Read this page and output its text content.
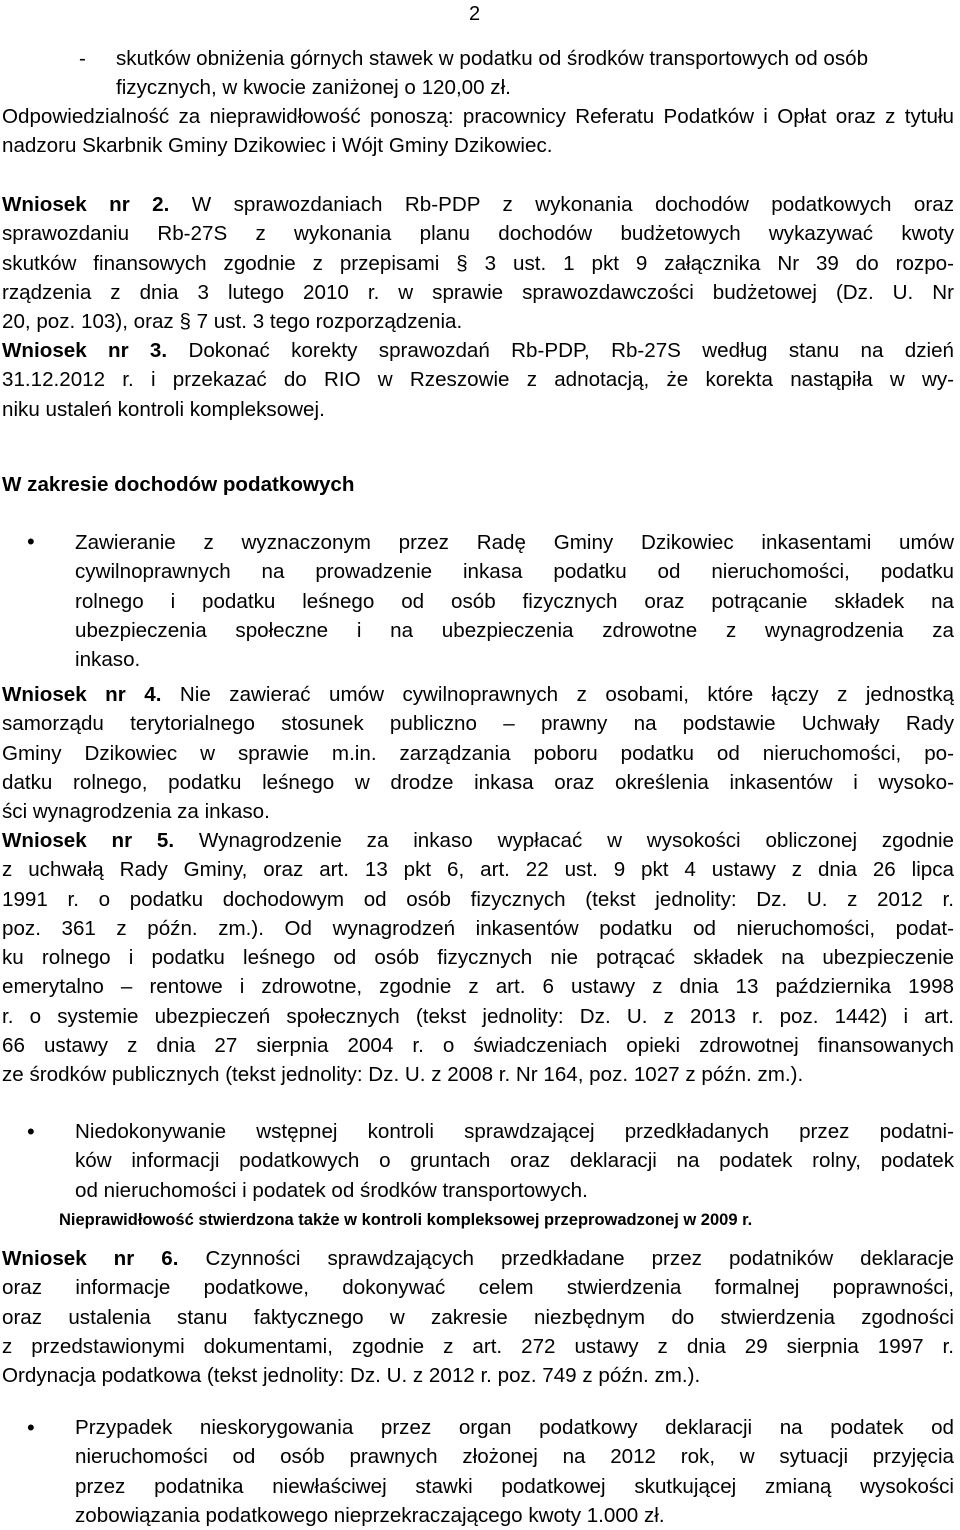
2
- skutków obniżenia górnych stawek w podatku od środków transportowych od osób fizycznych, w kwocie zaniżonej o 120,00 zł.
Odpowiedzialność za nieprawidłowość ponoszą: pracownicy Referatu Podatków i Opłat oraz z tytułu nadzoru Skarbnik Gminy Dzikowiec i Wójt Gminy Dzikowiec.
Wniosek nr 2. W sprawozdaniach Rb-PDP z wykonania dochodów podatkowych oraz
sprawozdaniu Rb-27S z wykonania planu dochodów budżetowych wykazywać kwoty
skutków finansowych zgodnie z przepisami § 3 ust. 1 pkt 9 załącznika Nr 39 do rozpo-
rządzenia z dnia 3 lutego 2010 r. w sprawie sprawozdawczości budżetowej (Dz. U. Nr
20, poz. 103), oraz § 7 ust. 3 tego rozporządzenia.
Wniosek nr 3. Dokonać korekty sprawozdań Rb-PDP, Rb-27S według stanu na dzień
31.12.2012 r. i przekazać do RIO w Rzeszowie z adnotacją, że korekta nastąpiła w wy-
niku ustaleń kontroli kompleksowej.
W zakresie dochodów podatkowych
• Zawieranie z wyznaczonym przez Radę Gminy Dzikowiec inkasentami umów
cywilnoprawnych na prowadzenie inkasa podatku od nieruchomości, podatku
rolnego i podatku leśnego od osób fizycznych oraz potrącanie składek na
ubezpieczenia społeczne i na ubezpieczenia zdrowotne z wynagrodzenia za
inkaso.
Wniosek nr 4. Nie zawierać umów cywilnoprawnych z osobami, które łączy z jednostką
samorządu terytorialnego stosunek publiczno – prawny na podstawie Uchwały Rady
Gminy Dzikowiec w sprawie m.in. zarządzania poboru podatku od nieruchomości, po-
datku rolnego, podatku leśnego w drodze inkasa oraz określenia inkasentów i wysoko-
ści wynagrodzenia za inkaso.
Wniosek nr 5. Wynagrodzenie za inkaso wypłacać w wysokości obliczonej zgodnie
z uchwałą Rady Gminy, oraz art. 13 pkt 6, art. 22 ust. 9 pkt 4 ustawy z dnia 26 lipca
1991 r. o podatku dochodowym od osób fizycznych (tekst jednolity: Dz. U. z 2012 r.
poz. 361 z późn. zm.). Od wynagrodzeń inkasentów podatku od nieruchomości, podat-
ku rolnego i podatku leśnego od osób fizycznych nie potrącać składek na ubezpieczenie
emerytalno – rentowe i zdrowotne, zgodnie z art. 6 ustawy z dnia 13 października 1998
r. o systemie ubezpieczeń społecznych (tekst jednolity: Dz. U. z 2013 r. poz. 1442) i art.
66 ustawy z dnia 27 sierpnia 2004 r. o świadczeniach opieki zdrowotnej finansowanych
ze środków publicznych (tekst jednolity: Dz. U. z 2008 r. Nr 164, poz. 1027 z późn. zm.).
• Niedokonywanie wstępnej kontroli sprawdzającej przedkładanych przez podatni-
ków informacji podatkowych o gruntach oraz deklaracji na podatek rolny, podatek
od nieruchomości i podatek od środków transportowych.
Nieprawidłowość stwierdzona także w kontroli kompleksowej przeprowadzonej w 2009 r.
Wniosek nr 6. Czynności sprawdzających przedkładane przez podatników deklaracje
oraz informacje podatkowe, dokonywać celem stwierdzenia formalnej poprawności,
oraz ustalenia stanu faktycznego w zakresie niezbędnym do stwierdzenia zgodności
z przedstawionymi dokumentami, zgodnie z art. 272 ustawy z dnia 29 sierpnia 1997 r.
Ordynacja podatkowa (tekst jednolity: Dz. U. z 2012 r. poz. 749 z późn. zm.).
• Przypadek nieskorygowania przez organ podatkowy deklaracji na podatek od
nieruchomości od osób prawnych złożonej na 2012 rok, w sytuacji przyjęcia
przez podatnika niewłaściwej stawki podatkowej skutkującej zmianą wysokości
zobowiązania podatkowego nieprzekraczającego kwoty 1.000 zł.
